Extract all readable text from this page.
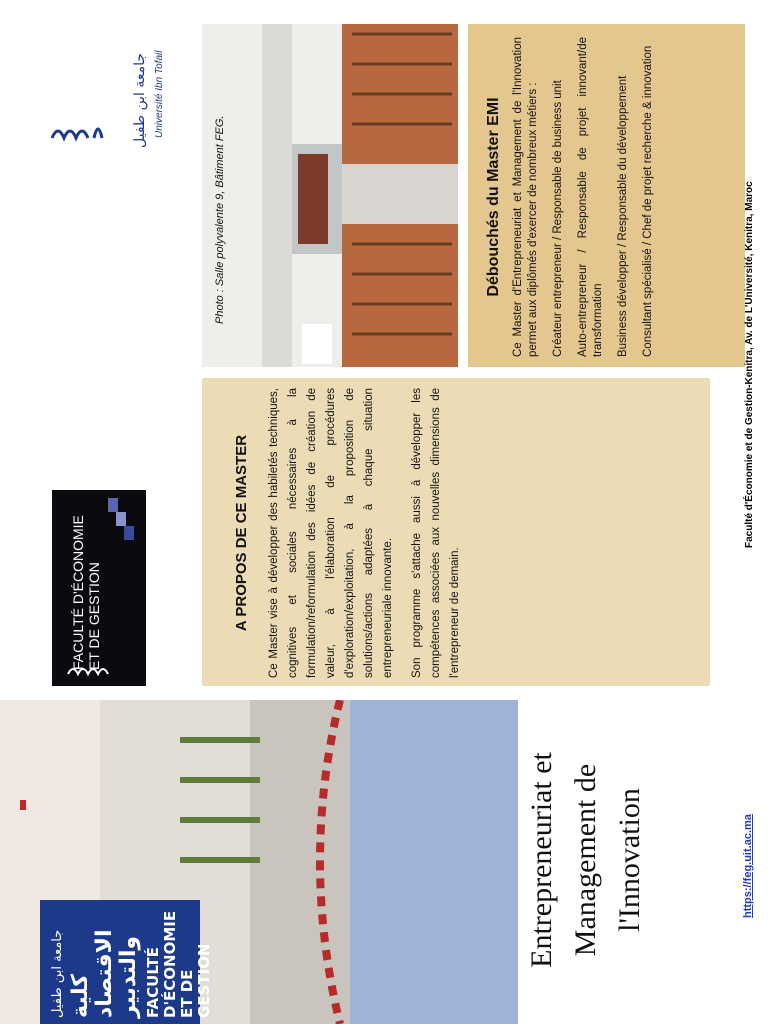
جامعة ابن طفيل Université Ibn Tofail
Photo : Salle polyvalente 9, Bâtiment FEG.	Débouchés du Master EMI Ce Master d'Entrepreneuriat et Management de l'Innovation permet aux diplômés d'exercer de nombreux métiers : Créateur entrepreneur / Responsable de business unit Auto-entrepreneur / Responsable de projet innovant/de transformation Business développer / Responsable du développement Consultant spécialisé / Chef de projet recherche & innovation	Faculté d'Économie et de Gestion-Kenitra, Av. de L'Université, Kenitra, Maroc
FACULTÉ D'ÉCONOMIE ET DE GESTION	A PROPOS DE CE MASTER Ce Master vise à développer des habiletés techniques, cognitives et sociales nécessaires à la formulation/reformulation des idées de création de valeur, à l'élaboration de procédures d'exploration/exploitation, à la proposition de solutions/actions adaptées à chaque situation entrepreneuriale innovante.	Son programme s'attache aussi à développer les compétences associées aux nouvelles dimensions de l'entrepreneur de demain.

جامعة ابن طفيل كلية الاقتصاد والتدبير FACULTÉ D'ÉCONOMIE ET DE GESTION
Entrepreneuriat et Management de l'Innovation	https://feg.uit.ac.ma
